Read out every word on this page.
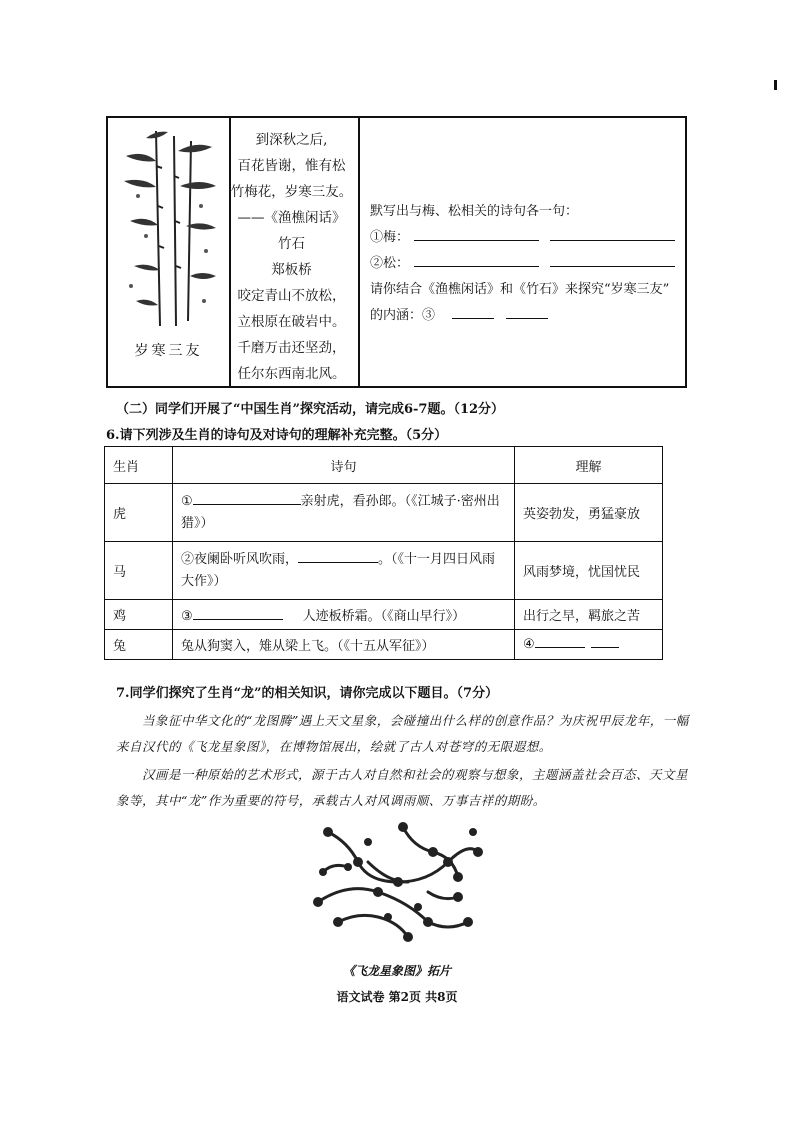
岁寒三友
到深秋之后,
百花皆谢，惟有松
竹梅花，岁寒三友。
——《渔樵闲话》
竹石
郑板桥
咬定青山不放松，
立根原在破岩中。
千磨万击还坚劲，
任尔东西南北风。
默写出与梅、松相关的诗句各一句：
①梅：
②松：
请你结合《渔樵闲话》和《竹石》来探究“岁寒三友”
的内涵：③
（二）同学们开展了“中国生肖”探究活动，请完成6-7题。（12分）
6.请下列涉及生肖的诗句及对诗句的理解补充完整。（5分）
生肖	诗句	理解
虎	① 亲射虎，看孙郎。（《江城子·密州出猎》）	英姿勃发，勇猛豪放
马	②夜阑卧听风吹雨， 。（《十一月四日风雨大作》）	风雨梦境，忧国忧民
鸡	③ 人迹板桥霜。（《商山早行》）	出行之早，羁旅之苦
兔	兔从狗窦入，雉从梁上飞。（《十五从军征》）	④
7.同学们探究了生肖“龙”的相关知识，请你完成以下题目。（7分）
当象征中华文化的“龙图腾”遇上天文星象，会碰撞出什么样的创意作品？为庆祝甲辰龙年，一幅来自汉代的《飞龙星象图》，在博物馆展出，绘就了古人对苍穹的无限遐想。
汉画是一种原始的艺术形式，源于古人对自然和社会的观察与想象，主题涵盖社会百态、天文星象等，其中“龙”作为重要的符号，承载古人对风调雨顺、万事吉祥的期盼。
《飞龙星象图》拓片
语文试卷 第2页 共8页
